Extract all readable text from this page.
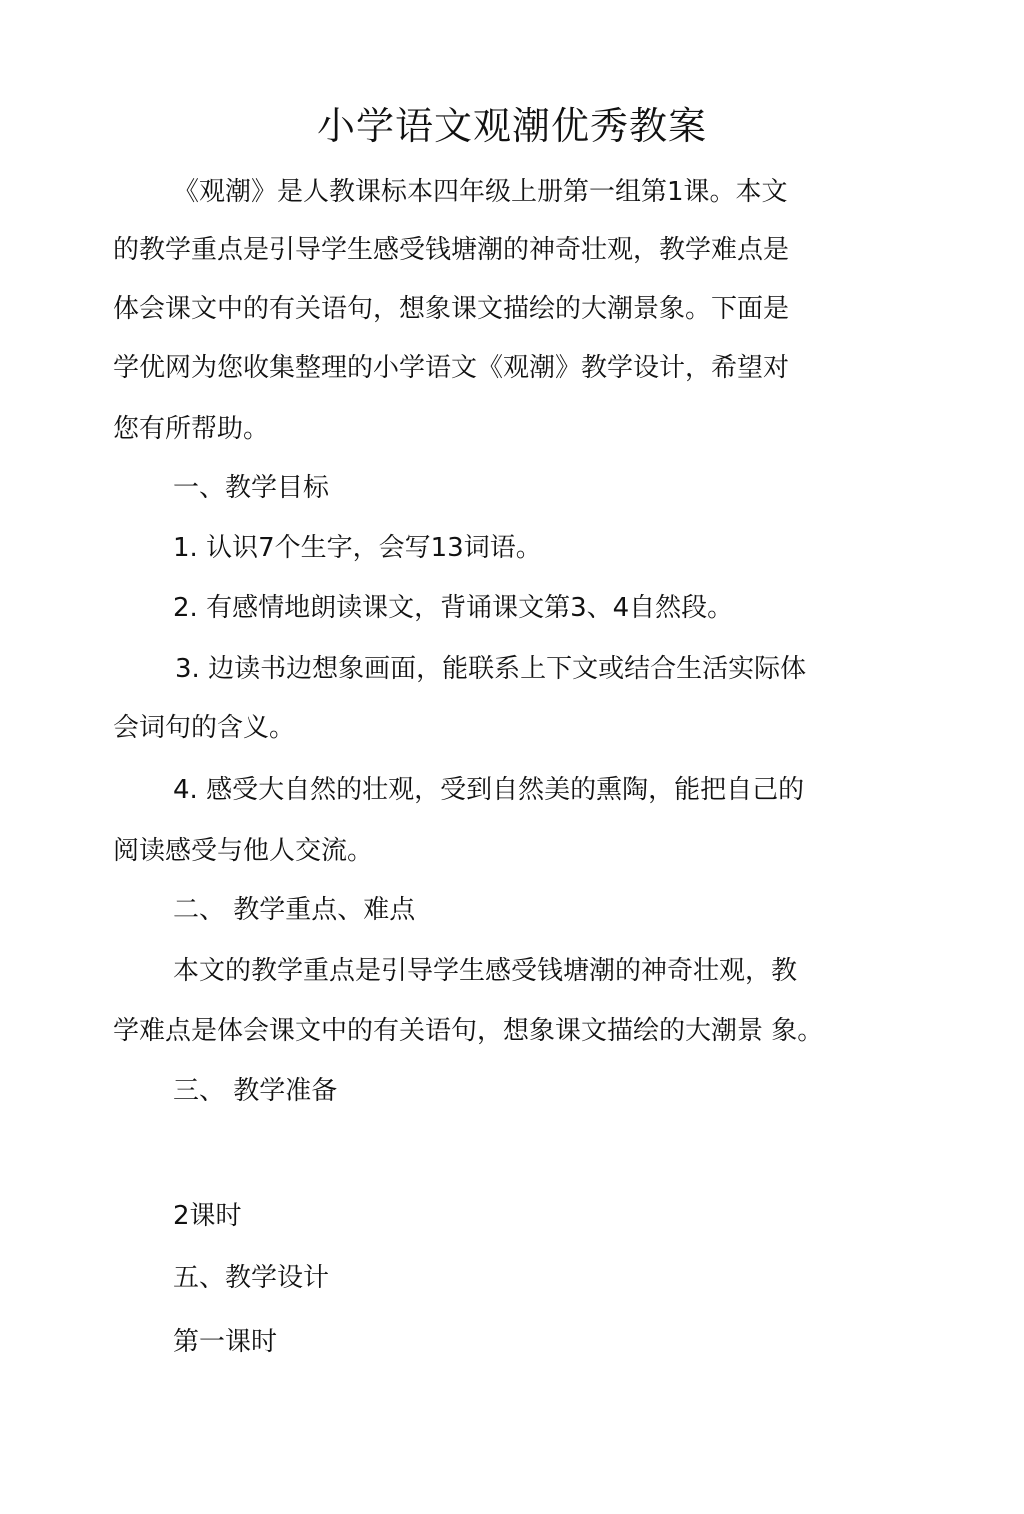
小学语文观潮优秀教案
《观潮》是人教课标本四年级上册第一组第1课。本文
的教学重点是引导学生感受钱塘潮的神奇壮观，教学难点是
体会课文中的有关语句，想象课文描绘的大潮景象。下面是
学优网为您收集整理的小学语文《观潮》教学设计，希望对
您有所帮助。
一、教学目标
1. 认识7个生字，会写13词语。
2. 有感情地朗读课文，背诵课文第3、4自然段。
3. 边读书边想象画面，能联系上下文或结合生活实际体
会词句的含义。
4. 感受大自然的壮观，受到自然美的熏陶，能把自己的
阅读感受与他人交流。
二、 教学重点、难点
本文的教学重点是引导学生感受钱塘潮的神奇壮观，教
学难点是体会课文中的有关语句，想象课文描绘的大潮景 象。
三、 教学准备
2课时
五、教学设计
第一课时
